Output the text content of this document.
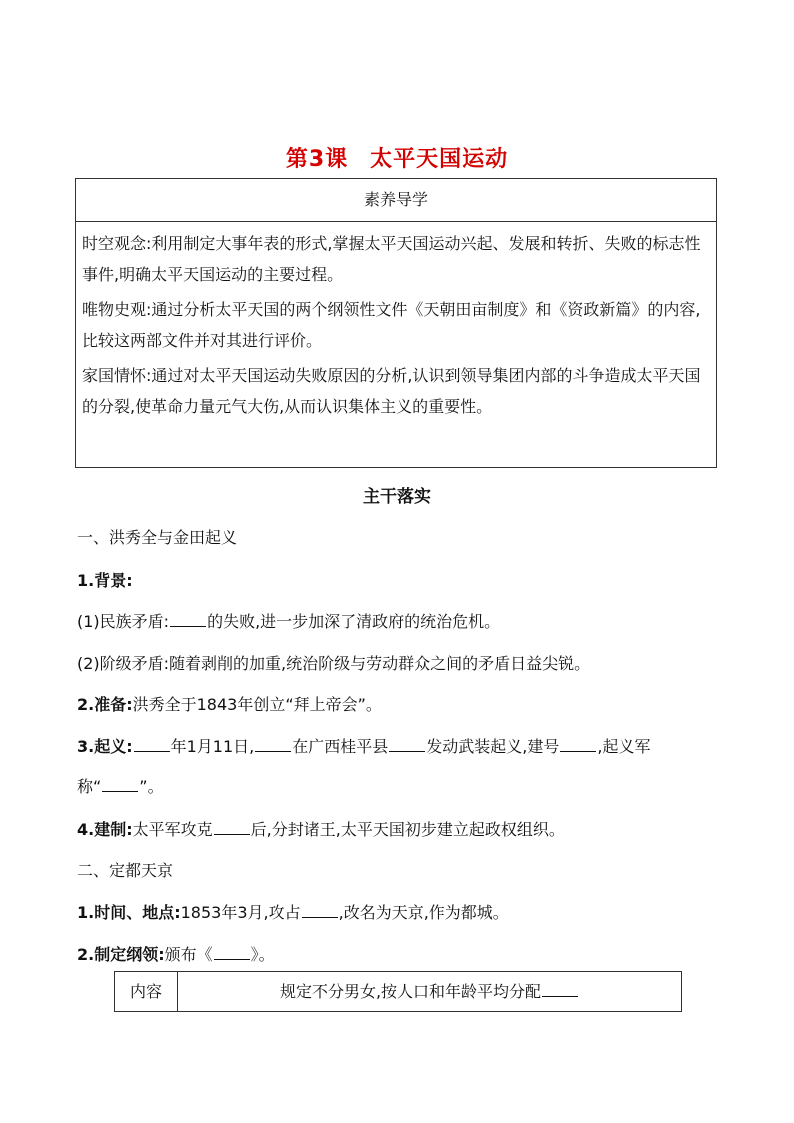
第3课 太平天国运动
素养导学

时空观念:利用制定大事年表的形式,掌握太平天国运动兴起、发展和转折、失败的标志性事件,明确太平天国运动的主要过程。

唯物史观:通过分析太平天国的两个纲领性文件《天朝田亩制度》和《资政新篇》的内容,比较这两部文件并对其进行评价。

家国情怀:通过对太平天国运动失败原因的分析,认识到领导集团内部的斗争造成太平天国的分裂,使革命力量元气大伤,从而认识集体主义的重要性。

主干落实
一、洪秀全与金田起义
1.背景:
(1)民族矛盾: 的失败,进一步加深了清政府的统治危机。
(2)阶级矛盾:随着剥削的加重,统治阶级与劳动群众之间的矛盾日益尖锐。
2.准备:洪秀全于1843年创立“拜上帝会”。
3.起义: 年1月11日, 在广西桂平县 发动武装起义,建号 ,起义军
称“ ”。
4.建制:太平军攻克 后,分封诸王,太平天国初步建立起政权组织。
二、定都天京
1.时间、地点:1853年3月,攻占 ,改名为天京,作为都城。
2.制定纲领:颁布《 》。
内容	规定不分男女,按人口和年龄平均分配
